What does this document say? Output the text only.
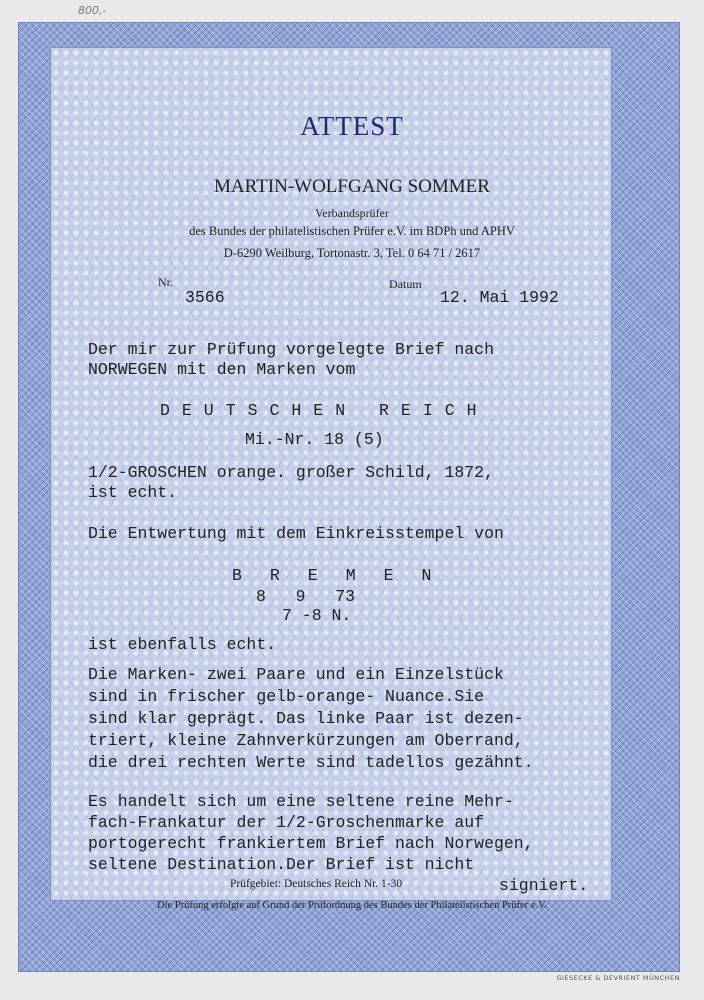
800,-
ATTEST
MARTIN-WOLFGANG SOMMER
Verbandsprüfer
des Bundes der philatelistischen Prüfer e.V. im BDPh und APHV
D-6290 Weilburg, Tortonastr. 3, Tel. 0 64 71 / 2617
Nr.
3566
Datum
12. Mai 1992
Der mir zur Prüfung vorgelegte Brief nach
NORWEGEN mit den Marken vom
DEUTSCHEN REICH
Mi.-Nr. 18 (5)
1/2-GROSCHEN orange. großer Schild, 1872,
ist echt.
Die Entwertung mit dem Einkreisstempel von
BREMEN
8   9   73
7 -8 N.
ist ebenfalls echt.
Die Marken- zwei Paare und ein Einzelstück
sind in frischer gelb-orange- Nuance.Sie
sind klar geprägt. Das linke Paar ist dezen-
triert, kleine Zahnverkürzungen am Oberrand,
die drei rechten Werte sind tadellos gezähnt.
Es handelt sich um eine seltene reine Mehr-
fach-Frankatur der 1/2-Groschenmarke auf
portogerecht frankiertem Brief nach Norwegen,
seltene Destination.Der Brief ist nicht
Prüfgebiet: Deutsches Reich Nr. 1-30	signiert.
Die Prüfung erfolgte auf Grund der Prüfordnung des Bundes der Philatelistischen Prüfer e.V.
GIESECKE & DEVRIENT MÜNCHEN
